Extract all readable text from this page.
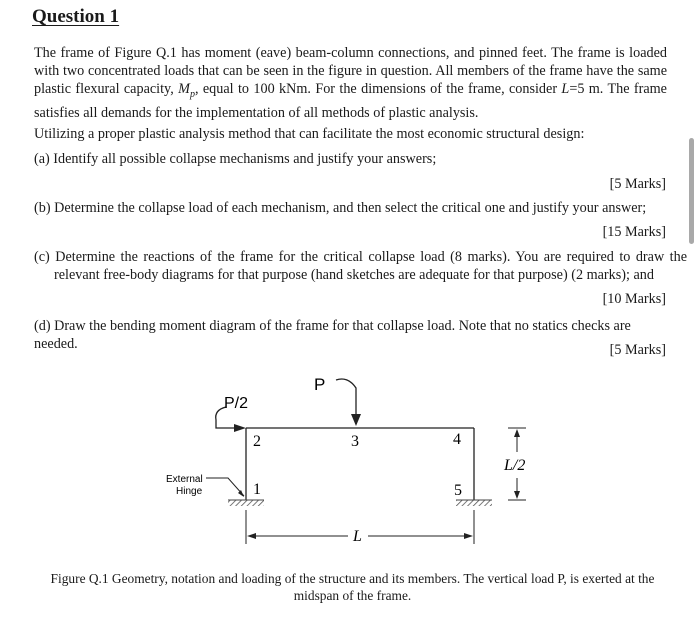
Question 1
The frame of Figure Q.1 has moment (eave) beam-column connections, and pinned feet. The frame is loaded with two concentrated loads that can be seen in the figure in question. All members of the frame have the same plastic flexural capacity, $M_p$, equal to 100 kNm. For the dimensions of the frame, consider L=5 m. The frame satisfies all demands for the implementation of all methods of plastic analysis.
Utilizing a proper plastic analysis method that can facilitate the most economic structural design:
(a) Identify all possible collapse mechanisms and justify your answers;
[5 Marks]
(b) Determine the collapse load of each mechanism, and then select the critical one and justify your answer;
[15 Marks]
(c) Determine the reactions of the frame for the critical collapse load (8 marks). You are required to draw the relevant free-body diagrams for that purpose (hand sketches are adequate for that purpose) (2 marks); and
[10 Marks]
(d) Draw the bending moment diagram of the frame for that collapse load. Note that no statics checks are needed.	[5 Marks]
P
P/2
2	3	4
1	5
External
Hinge
L/2
L
Figure Q.1 Geometry, notation and loading of the structure and its members. The vertical load P, is exerted at the midspan of the frame.
